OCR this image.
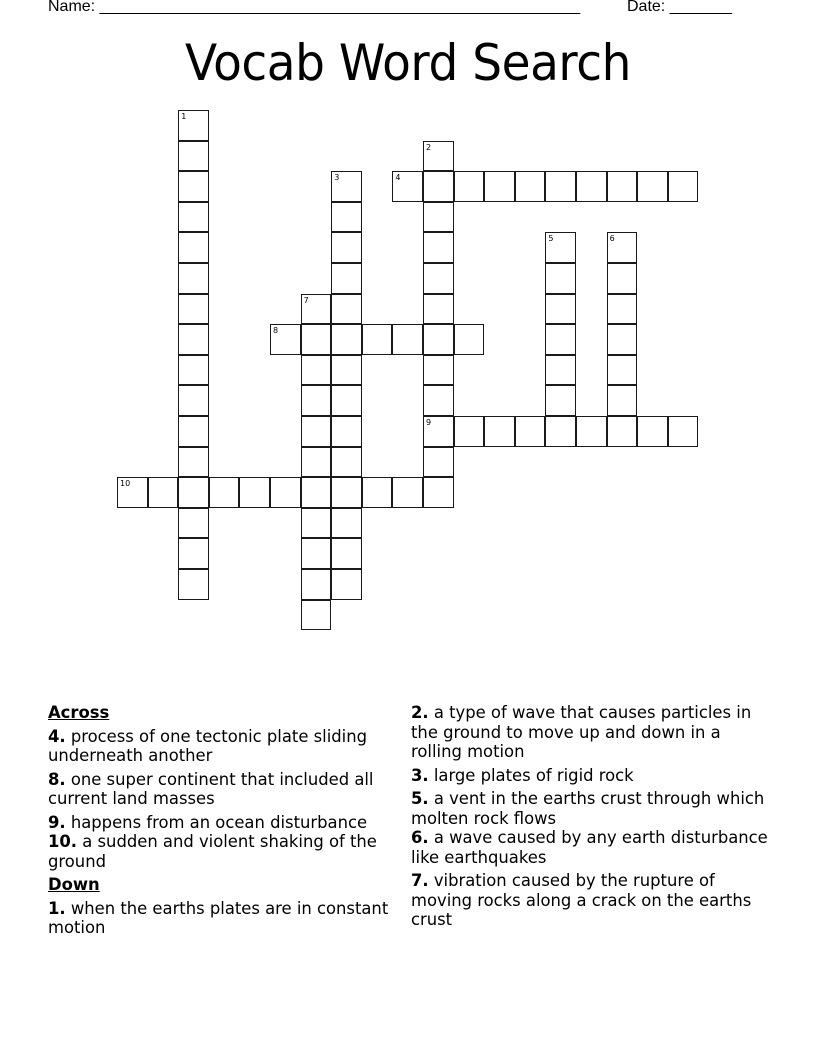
Name: ______________________________________________________

	Date: _______

Vocab Word Search
1
2
9
3	4
5	6
7
8
10
Across
4. process of one tectonic plate sliding underneath another
8. one super continent that included all current land masses
9. happens from an ocean disturbance
10. a sudden and violent shaking of the ground
Down
1. when the earths plates are in constant motion
2. a type of wave that causes particles in the ground to move up and down in a rolling motion
3. large plates of rigid rock
5. a vent in the earths crust through which molten rock flows
6. a wave caused by any earth disturbance like earthquakes
7. vibration caused by the rupture of moving rocks along a crack on the earths crust
